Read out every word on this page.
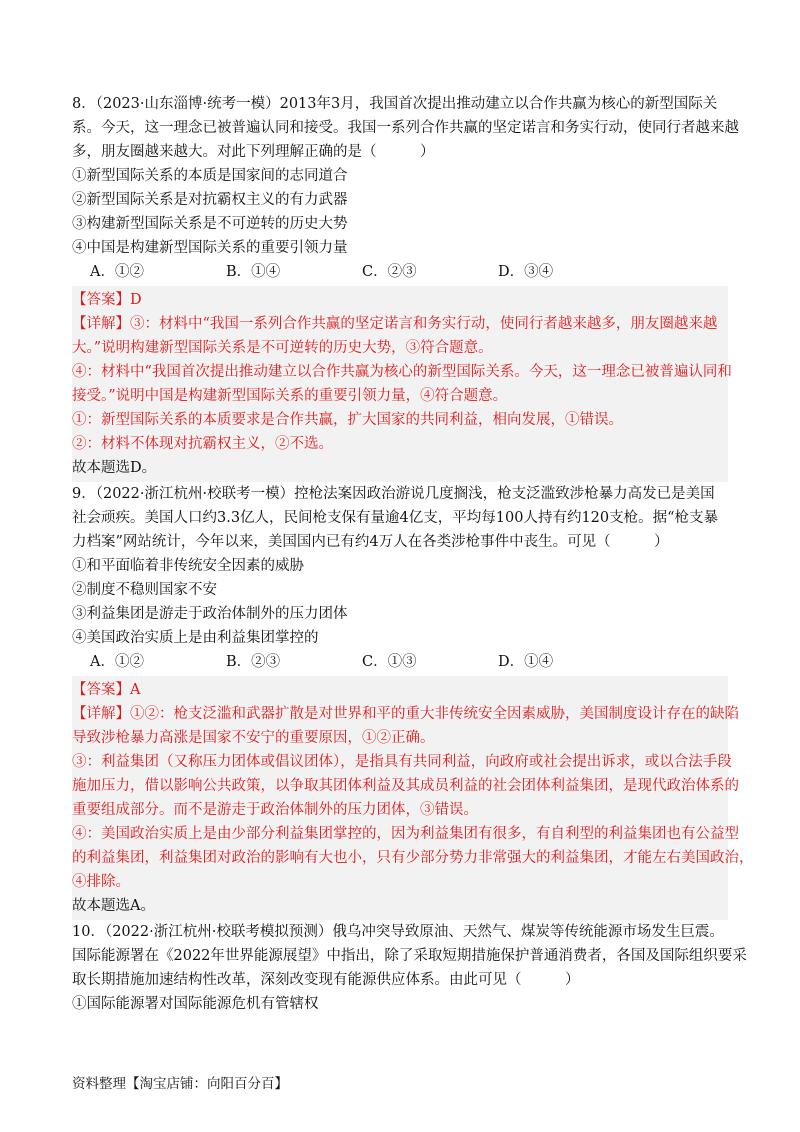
8．（2023·山东淄博·统考一模）2013年3月，我国首次提出推动建立以合作共赢为核心的新型国际关
系。今天，这一理念已被普遍认同和接受。我国一系列合作共赢的坚定诺言和务实行动，使同行者越来越
多，朋友圈越来越大。对此下列理解正确的是（　　　）
①新型国际关系的本质是国家间的志同道合
②新型国际关系是对抗霸权主义的有力武器
③构建新型国际关系是不可逆转的历史大势
④中国是构建新型国际关系的重要引领力量
A．①②	B．①④	C．②③	D．③④
【答案】D
【详解】③：材料中“我国一系列合作共赢的坚定诺言和务实行动，使同行者越来越多，朋友圈越来越
大。”说明构建新型国际关系是不可逆转的历史大势，③符合题意。
④：材料中“我国首次提出推动建立以合作共赢为核心的新型国际关系。今天，这一理念已被普遍认同和
接受。”说明中国是构建新型国际关系的重要引领力量，④符合题意。
①：新型国际关系的本质要求是合作共赢，扩大国家的共同利益，相向发展，①错误。
②：材料不体现对抗霸权主义，②不选。
故本题选D。
9．（2022·浙江杭州·校联考一模）控枪法案因政治游说几度搁浅，枪支泛滥致涉枪暴力高发已是美国
社会顽疾。美国人口约3.3亿人，民间枪支保有量逾4亿支，平均每100人持有约120支枪。据“枪支暴
力档案”网站统计，今年以来，美国国内已有约4万人在各类涉枪事件中丧生。可见（　　　）
①和平面临着非传统安全因素的威胁
②制度不稳则国家不安
③利益集团是游走于政治体制外的压力团体
④美国政治实质上是由利益集团掌控的
A．①②	B．②③	C．①③	D．①④
【答案】A
【详解】①②：枪支泛滥和武器扩散是对世界和平的重大非传统安全因素威胁，美国制度设计存在的缺陷
导致涉枪暴力高涨是国家不安宁的重要原因，①②正确。
③：利益集团（又称压力团体或倡议团体），是指具有共同利益，向政府或社会提出诉求，或以合法手段
施加压力，借以影响公共政策，以争取其团体利益及其成员利益的社会团体利益集团，是现代政治体系的
重要组成部分。而不是游走于政治体制外的压力团体，③错误。
④：美国政治实质上是由少部分利益集团掌控的，因为利益集团有很多，有自利型的利益集团也有公益型
的利益集团，利益集团对政治的影响有大也小，只有少部分势力非常强大的利益集团，才能左右美国政治，
④排除。
故本题选A。
10．（2022·浙江杭州·校联考模拟预测）俄乌冲突导致原油、天然气、煤炭等传统能源市场发生巨震。
国际能源署在《2022年世界能源展望》中指出，除了采取短期措施保护普通消费者，各国及国际组织要采
取长期措施加速结构性改革，深刻改变现有能源供应体系。由此可见（　　　）
①国际能源署对国际能源危机有管辖权
资料整理【淘宝店铺：向阳百分百】
